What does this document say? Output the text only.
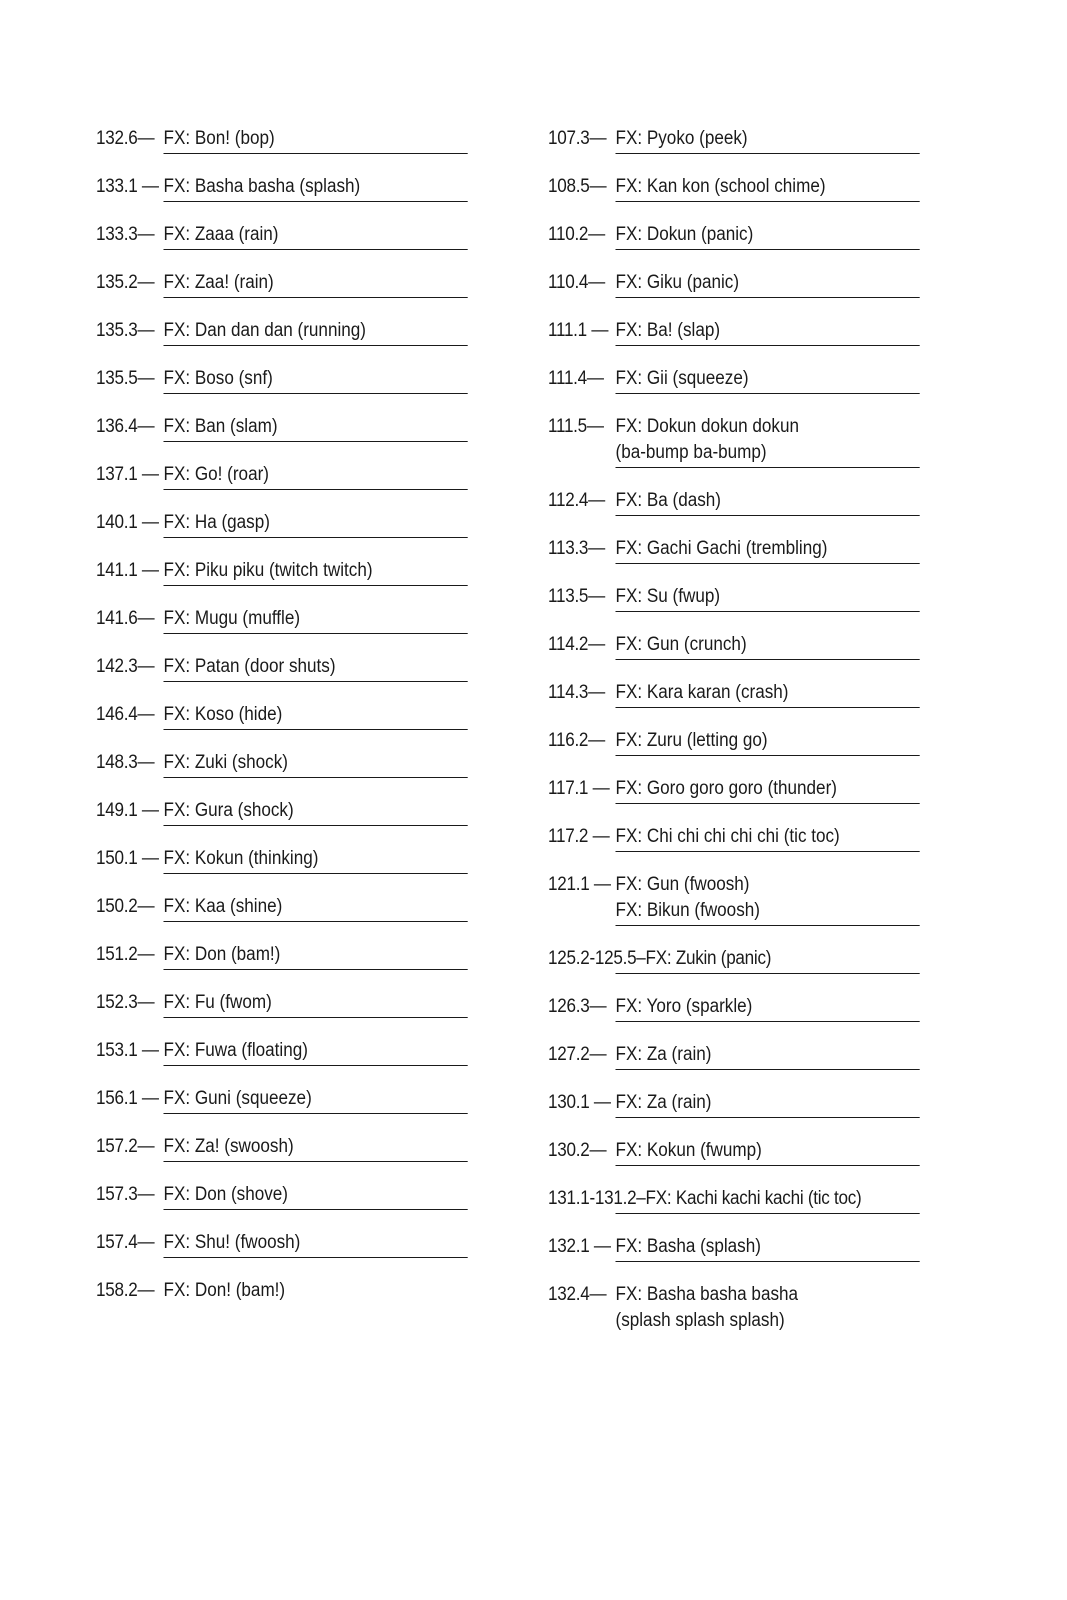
132.6— FX: Bon! (bop)
133.1 — FX: Basha basha (splash)
133.3— FX: Zaaa (rain)
135.2— FX: Zaa! (rain)
135.3— FX: Dan dan dan (running)
135.5— FX: Boso (snf)
136.4— FX: Ban (slam)
137.1 — FX: Go! (roar)
140.1 — FX: Ha (gasp)
141.1 — FX: Piku piku (twitch twitch)
141.6— FX: Mugu (muffle)
142.3— FX: Patan (door shuts)
146.4— FX: Koso (hide)
148.3— FX: Zuki (shock)
149.1 — FX: Gura (shock)
150.1 — FX: Kokun (thinking)
150.2— FX: Kaa (shine)
151.2— FX: Don (bam!)
152.3— FX: Fu (fwom)
153.1 — FX: Fuwa (floating)
156.1 — FX: Guni (squeeze)
157.2— FX: Za! (swoosh)
157.3— FX: Don (shove)
157.4— FX: Shu! (fwoosh)
158.2— FX: Don! (bam!)
107.3— FX: Pyoko (peek)
108.5— FX: Kan kon (school chime)
110.2— FX: Dokun (panic)
110.4— FX: Giku (panic)
111.1 — FX: Ba! (slap)
111.4— FX: Gii (squeeze)
111.5— FX: Dokun dokun dokun
(ba-bump ba-bump)
112.4— FX: Ba (dash)
113.3— FX: Gachi Gachi (trembling)
113.5— FX: Su (fwup)
114.2— FX: Gun (crunch)
114.3— FX: Kara karan (crash)
116.2— FX: Zuru (letting go)
117.1 — FX: Goro goro goro (thunder)
117.2 — FX: Chi chi chi chi chi (tic toc)
121.1 — FX: Gun (fwoosh)
FX: Bikun (fwoosh)
125.2-125.5–FX: Zukin (panic)
126.3— FX: Yoro (sparkle)
127.2— FX: Za (rain)
130.1 — FX: Za (rain)
130.2— FX: Kokun (fwump)
131.1-131.2–FX: Kachi kachi kachi (tic toc)
132.1 — FX: Basha (splash)
132.4— FX: Basha basha basha
(splash splash splash)
